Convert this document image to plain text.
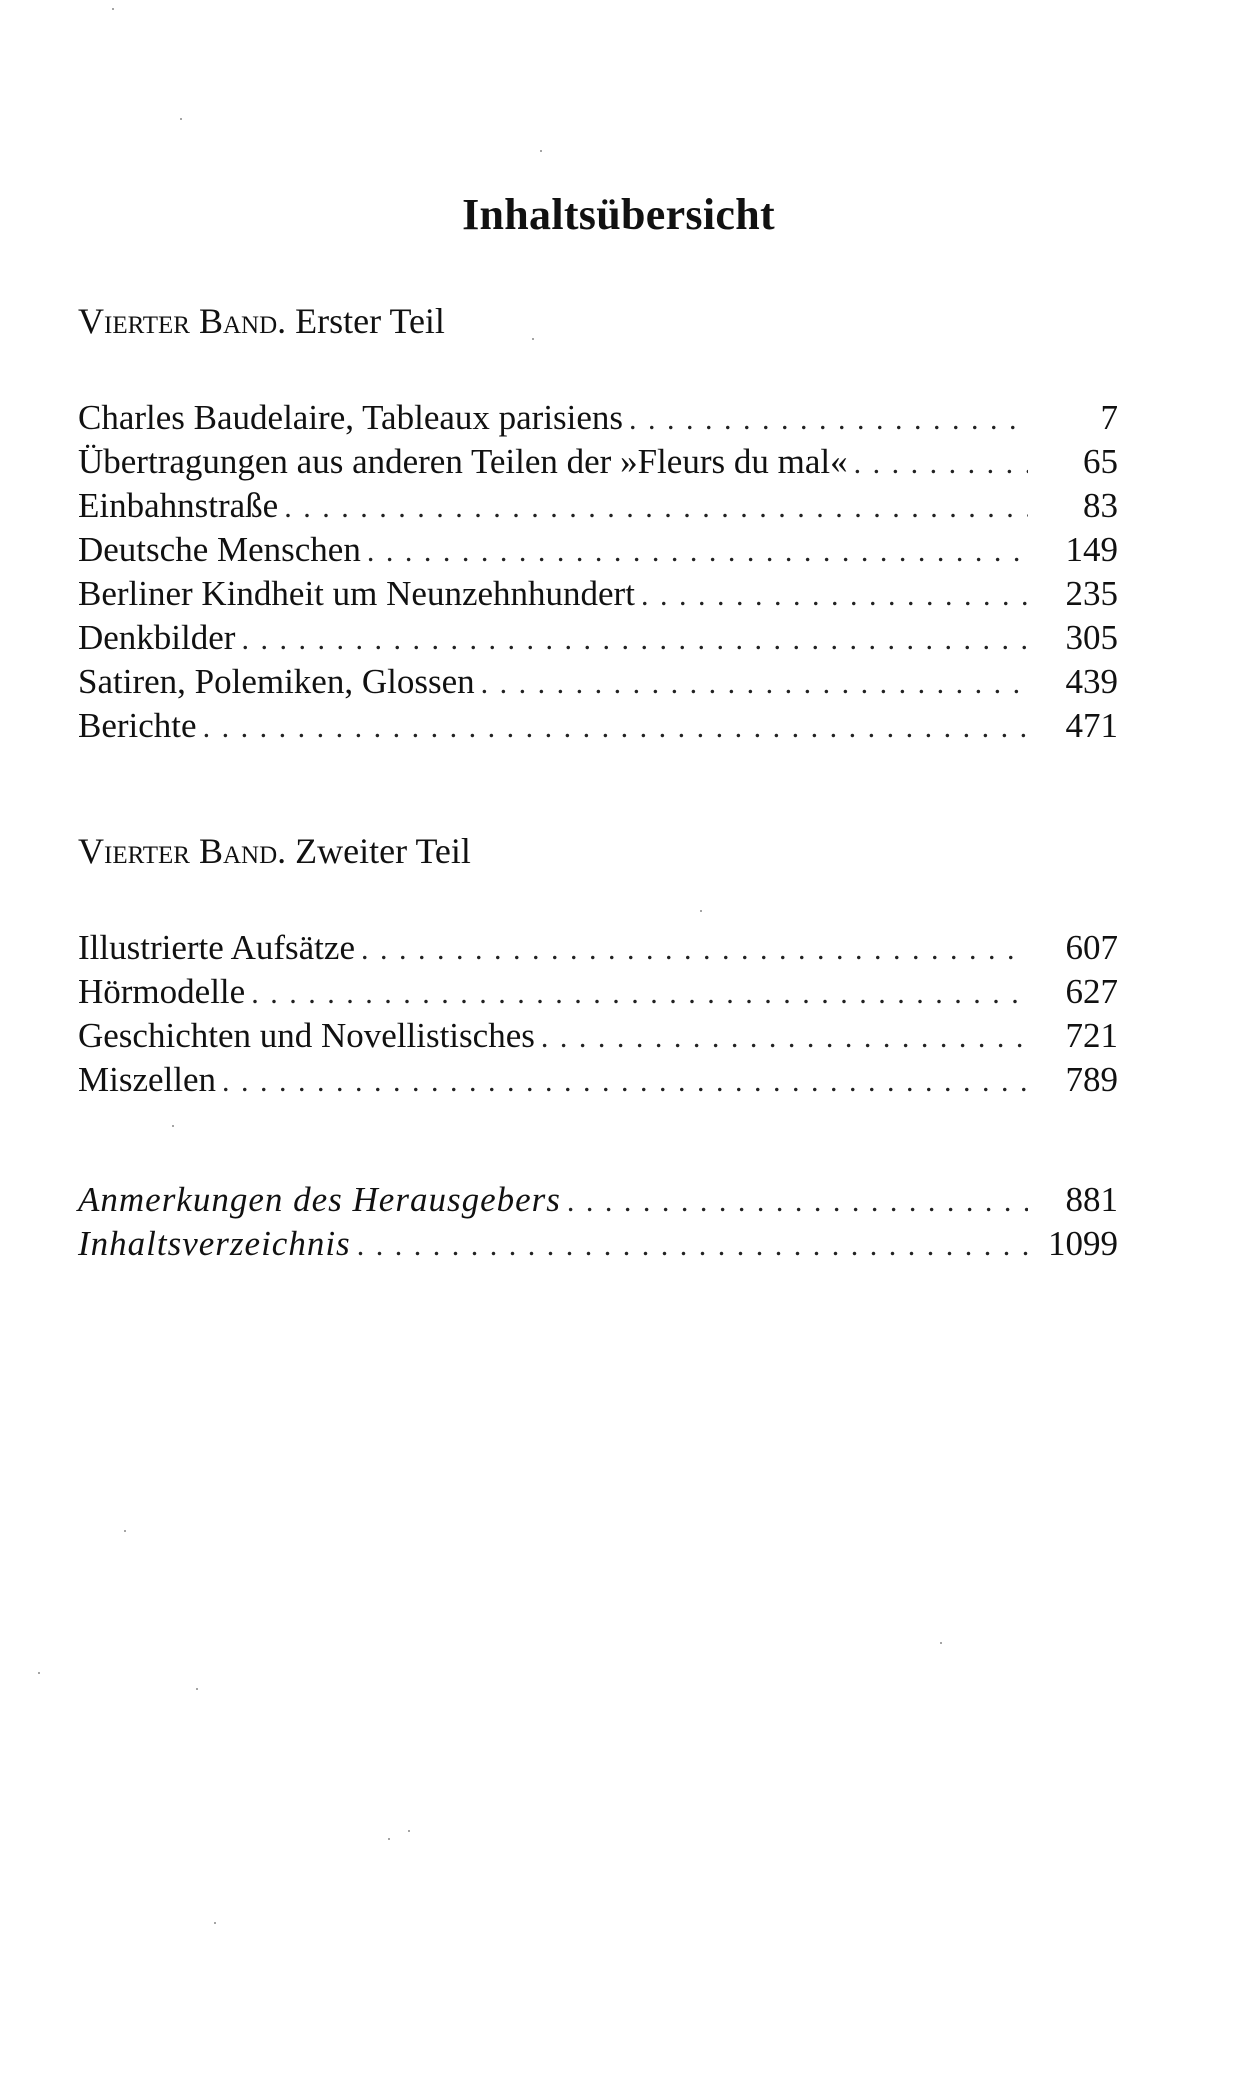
Inhaltsübersicht
Vierter Band. Erster Teil
Charles Baudelaire, Tableaux parisiens . . .	7
Übertragungen aus anderen Teilen der »Fleurs du mal« . . .	65
Einbahnstraße . . .	83
Deutsche Menschen . . .	149
Berliner Kindheit um Neunzehnhundert . . .	235
Denkbilder . . .	305
Satiren, Polemiken, Glossen . . .	439
Berichte . . .	471
Vierter Band. Zweiter Teil
Illustrierte Aufsätze . . .	607
Hörmodelle . . .	627
Geschichten und Novellistisches . . .	721
Miszellen . . .	789
Anmerkungen des Herausgebers . . .	881
Inhaltsverzeichnis . . .	1099
